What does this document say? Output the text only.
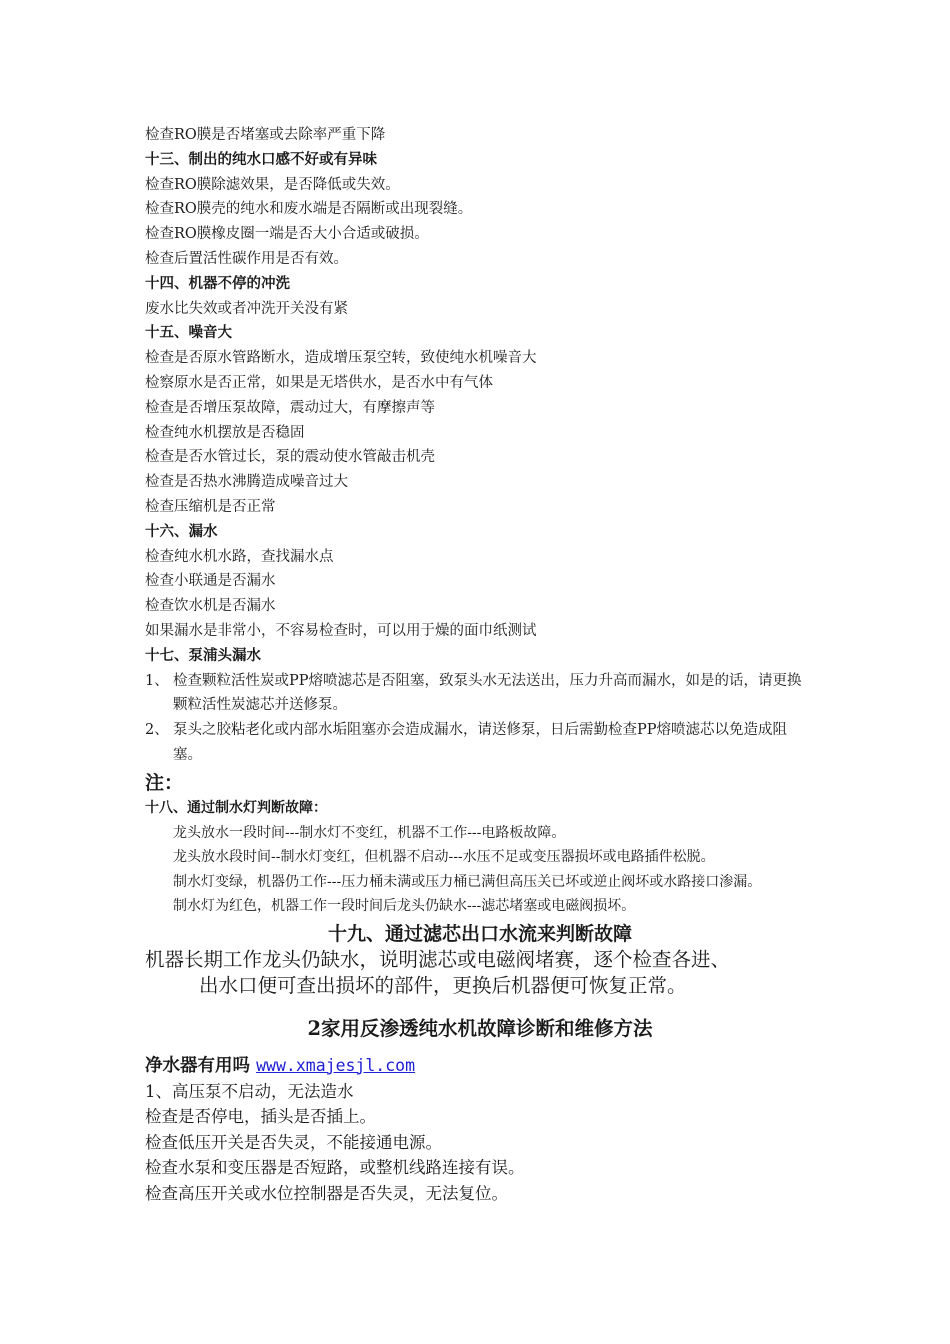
检查RO膜是否堵塞或去除率严重下降
十三、制出的纯水口感不好或有异味
检查RO膜除滤效果，是否降低或失效。
检查RO膜壳的纯水和废水端是否隔断或出现裂缝。
检查RO膜橡皮圈一端是否大小合适或破损。
检查后置活性碳作用是否有效。
十四、机器不停的冲洗
废水比失效或者冲洗开关没有紧
十五、噪音大
检查是否原水管路断水，造成增压泵空转，致使纯水机噪音大
检察原水是否正常，如果是无塔供水，是否水中有气体
检查是否增压泵故障，震动过大，有摩擦声等
检查纯水机摆放是否稳固
检查是否水管过长，泵的震动使水管敲击机壳
检查是否热水沸腾造成噪音过大
检查压缩机是否正常
十六、漏水
检查纯水机水路，查找漏水点
检查小联通是否漏水
检查饮水机是否漏水
如果漏水是非常小，不容易检查时，可以用于燥的面巾纸测试
十七、泵浦头漏水
1、 检查颗粒活性炭或PP熔喷滤芯是否阻塞，致泵头水无法送出，压力升高而漏水，如是的话，请更换颗粒活性炭滤芯并送修泵。
2、 泵头之胶粘老化或内部水垢阻塞亦会造成漏水，请送修泵，日后需勤检查PP熔喷滤芯以免造成阻塞。
注：
十八、通过制水灯判断故障：
龙头放水一段时间---制水灯不变红，机器不工作---电路板故障。
龙头放水段时间--制水灯变红，但机器不启动---水压不足或变压器损坏或电路插件松脱。
制水灯变绿，机器仍工作---压力桶未满或压力桶已满但高压关已坏或逆止阀坏或水路接口渗漏。
制水灯为红色，机器工作一段时间后龙头仍缺水---滤芯堵塞或电磁阀损坏。
十九、通过滤芯出口水流来判断故障
机器长期工作龙头仍缺水，说明滤芯或电磁阀堵赛，逐个检查各进、
出水口便可查出损坏的部件，更换后机器便可恢复正常。
2家用反渗透纯水机故障诊断和维修方法
净水器有用吗 www.xmajesjl.com
1、高压泵不启动，无法造水
检查是否停电，插头是否插上。
检查低压开关是否失灵，不能接通电源。
检查水泵和变压器是否短路，或整机线路连接有误。
检查高压开关或水位控制器是否失灵，无法复位。
